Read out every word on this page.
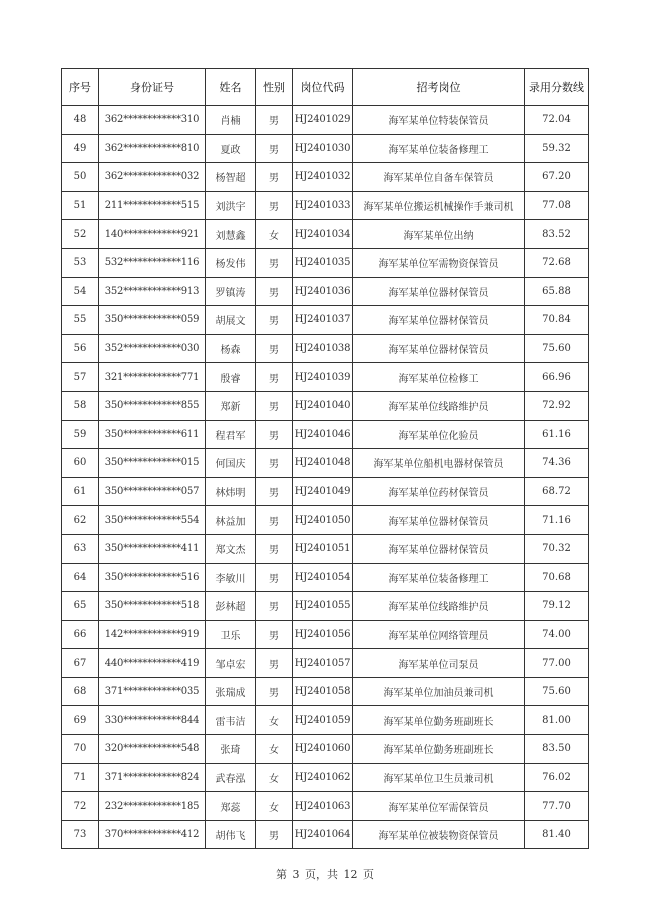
序号	身份证号	姓名	性别	岗位代码	招考岗位	录用分数线
48	362************310	肖楠	男	HJ2401029	海军某单位特装保管员	72.04
49	362************810	夏政	男	HJ2401030	海军某单位装备修理工	59.32
50	362************032	杨智超	男	HJ2401032	海军某单位自备车保管员	67.20
51	211************515	刘洪宇	男	HJ2401033	海军某单位搬运机械操作手兼司机	77.08
52	140************921	刘慧鑫	女	HJ2401034	海军某单位出纳	83.52
53	532************116	杨发伟	男	HJ2401035	海军某单位军需物资保管员	72.68
54	352************913	罗镇涛	男	HJ2401036	海军某单位器材保管员	65.88
55	350************059	胡展文	男	HJ2401037	海军某单位器材保管员	70.84
56	352************030	杨森	男	HJ2401038	海军某单位器材保管员	75.60
57	321************771	殷睿	男	HJ2401039	海军某单位检修工	66.96
58	350************855	郑新	男	HJ2401040	海军某单位线路维护员	72.92
59	350************611	程君军	男	HJ2401046	海军某单位化验员	61.16
60	350************015	何国庆	男	HJ2401048	海军某单位船机电器材保管员	74.36
61	350************057	林炜明	男	HJ2401049	海军某单位药材保管员	68.72
62	350************554	林益加	男	HJ2401050	海军某单位器材保管员	71.16
63	350************411	郑文杰	男	HJ2401051	海军某单位器材保管员	70.32
64	350************516	李敏川	男	HJ2401054	海军某单位装备修理工	70.68
65	350************518	彭林超	男	HJ2401055	海军某单位线路维护员	79.12
66	142************919	卫乐	男	HJ2401056	海军某单位网络管理员	74.00
67	440************419	邹卓宏	男	HJ2401057	海军某单位司泵员	77.00
68	371************035	张瑞成	男	HJ2401058	海军某单位加油员兼司机	75.60
69	330************844	雷韦洁	女	HJ2401059	海军某单位勤务班副班长	81.00
70	320************548	张琦	女	HJ2401060	海军某单位勤务班副班长	83.50
71	371************824	武春泓	女	HJ2401062	海军某单位卫生员兼司机	76.02
72	232************185	郑蕊	女	HJ2401063	海军某单位军需保管员	77.70
73	370************412	胡伟飞	男	HJ2401064	海军某单位被装物资保管员	81.40
第 3 页，共 12 页
